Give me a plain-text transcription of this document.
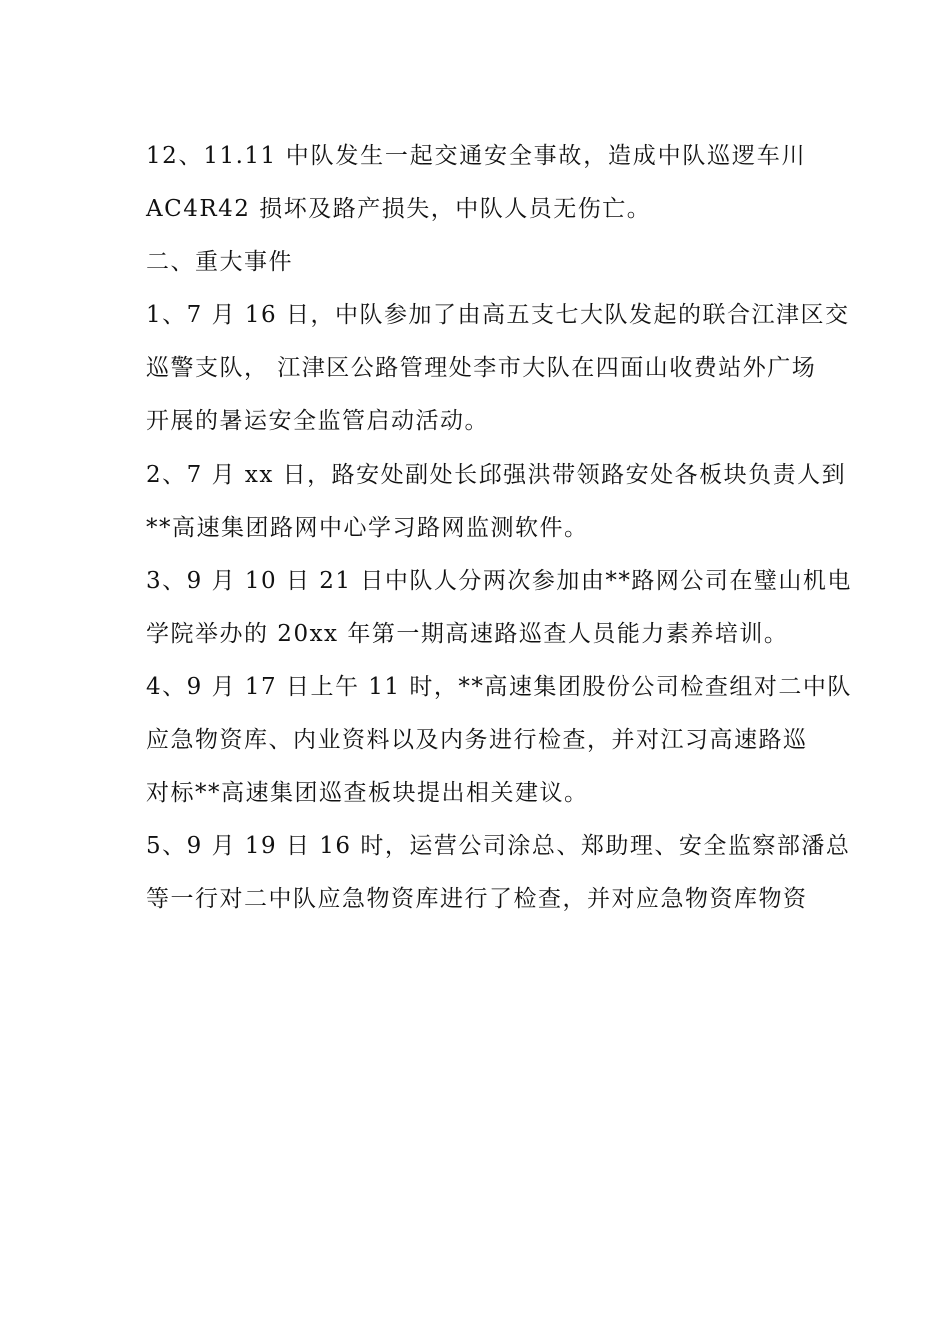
12、11.11 中队发生一起交通安全事故，造成中队巡逻车川

AC4R42 损坏及路产损失，中队人员无伤亡。

二、重大事件

1、7 月 16 日，中队参加了由高五支七大队发起的联合江津区交

巡警支队， 江津区公路管理处李市大队在四面山收费站外广场

开展的暑运安全监管启动活动。

2、7 月 xx 日，路安处副处长邱强洪带领路安处各板块负责人到

**高速集团路网中心学习路网监测软件。

3、9 月 10 日 21 日中队人分两次参加由**路网公司在璧山机电

学院举办的 20xx 年第一期高速路巡查人员能力素养培训。

4、9 月 17 日上午 11 时，**高速集团股份公司检查组对二中队

应急物资库、内业资料以及内务进行检查，并对江习高速路巡

对标**高速集团巡查板块提出相关建议。

5、9 月 19 日 16 时，运营公司涂总、郑助理、安全监察部潘总

等一行对二中队应急物资库进行了检查，并对应急物资库物资
